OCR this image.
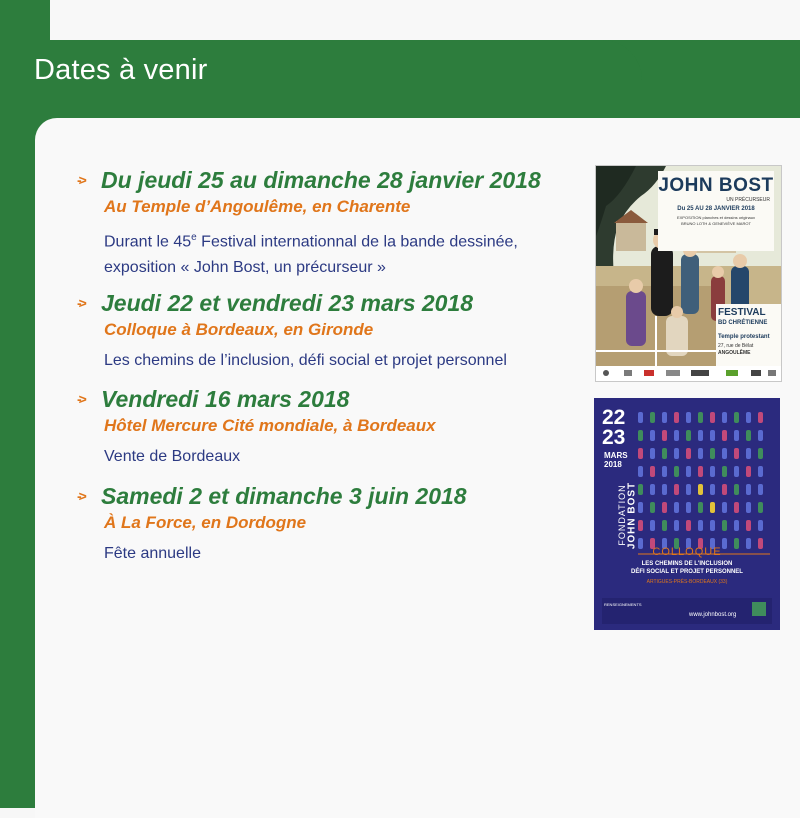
Dates à venir

-> Du jeudi 25 au dimanche 28 janvier 2018

Au Temple d’Angoulême, en Charente

Durant le 45e Festival internationnal de la bande dessinée,
exposition « John Bost, un précurseur »

-> Jeudi 22 et vendredi 23 mars 2018

Colloque à Bordeaux, en Gironde

Les chemins de l’inclusion, défi social et projet personnel

-> Vendredi 16 mars 2018

Hôtel Mercure Cité mondiale, à Bordeaux

Vente de Bordeaux

-> Samedi 2 et dimanche 3 juin 2018

À La Force, en Dordogne

Fête annuelle

JOHN BOST
UN PRÉCURSEUR
Du 25 AU 28 JANVIER 2018
EXPOSITION planches et dessins originaux
BRUNO LOTH & GENEVIÈVE MAROT
FESTIVAL
BD CHRÉTIENNE
Temple protestant
27, rue de Bélat
ANGOULÊME
22
23
MARS
2018
FONDATION JOHN BOST
COLLOQUE
LES CHEMINS DE L'INCLUSION
DÉFI SOCIAL ET PROJET PERSONNEL
ARTIGUES-PRÈS-BORDEAUX (33)
RENSEIGNEMENTS
www.johnbost.org
